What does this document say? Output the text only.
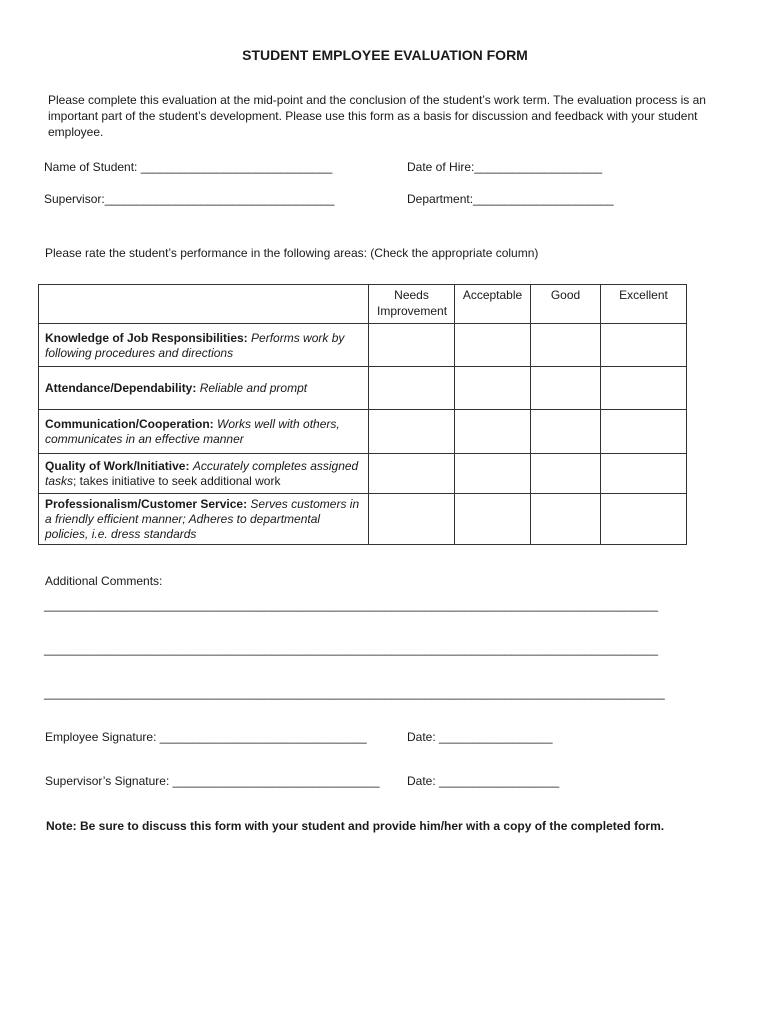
STUDENT EMPLOYEE EVALUATION FORM
Please complete this evaluation at the mid-point and the conclusion of the student’s work term. The evaluation process is an important part of the student’s development. Please use this form as a basis for discussion and feedback with your student employee.
Name of Student: ______________________________	Date of Hire:____________________
Supervisor:____________________________________	Department:______________________
Please rate the student’s performance in the following areas: (Check the appropriate column)
	Needs Improvement	Acceptable	Good	Excellent
Knowledge of Job Responsibilities: Performs work by following procedures and directions				
Attendance/Dependability: Reliable and prompt				
Communication/Cooperation: Works well with others, communicates in an effective manner				
Quality of Work/Initiative: Accurately completes assigned tasks; takes initiative to seek additional work				
Professionalism/Customer Service: Serves customers in a friendly efficient manner; Adheres to departmental policies, i.e. dress standards				
Additional Comments:
____________________________________________________________________________________________
____________________________________________________________________________________________
_____________________________________________________________________________________________
Employee Signature: _______________________________	Date: _________________
Supervisor’s Signature: _______________________________ Date: __________________
Note: Be sure to discuss this form with your student and provide him/her with a copy of the completed form.
